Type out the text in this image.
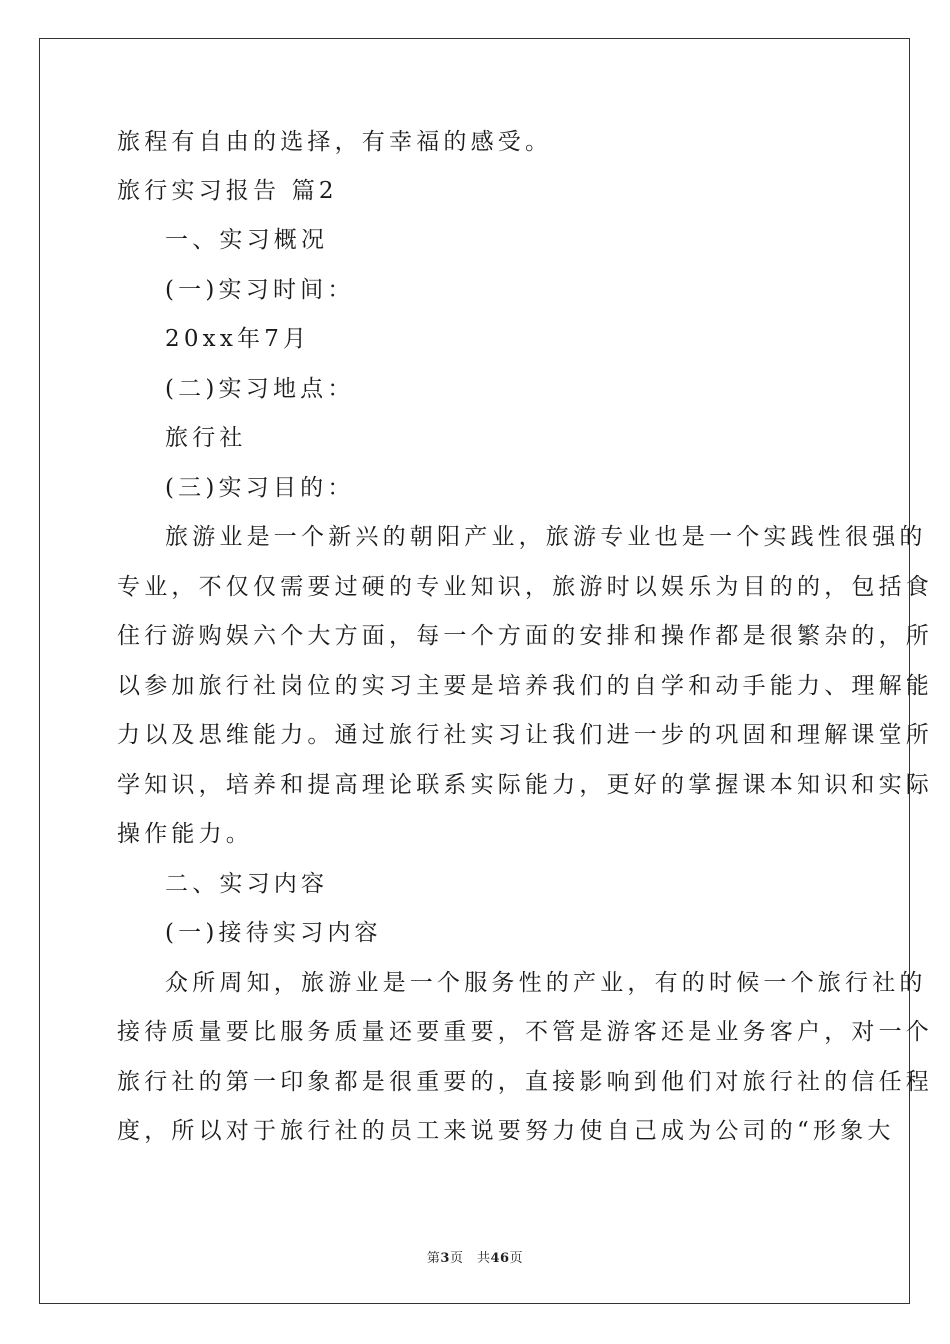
旅程有自由的选择，有幸福的感受。
旅行实习报告 篇2
一、实习概况
(一)实习时间：
20xx年7月
(二)实习地点：
旅行社
(三)实习目的：
旅游业是一个新兴的朝阳产业，旅游专业也是一个实践性很强的
专业，不仅仅需要过硬的专业知识，旅游时以娱乐为目的的，包括食
住行游购娱六个大方面，每一个方面的安排和操作都是很繁杂的，所
以参加旅行社岗位的实习主要是培养我们的自学和动手能力、理解能
力以及思维能力。通过旅行社实习让我们进一步的巩固和理解课堂所
学知识，培养和提高理论联系实际能力，更好的掌握课本知识和实际
操作能力。
二、实习内容
(一)接待实习内容
众所周知，旅游业是一个服务性的产业，有的时候一个旅行社的
接待质量要比服务质量还要重要，不管是游客还是业务客户，对一个
旅行社的第一印象都是很重要的，直接影响到他们对旅行社的信任程
度，所以对于旅行社的员工来说要努力使自己成为公司的“形象大
第3页　共46页
